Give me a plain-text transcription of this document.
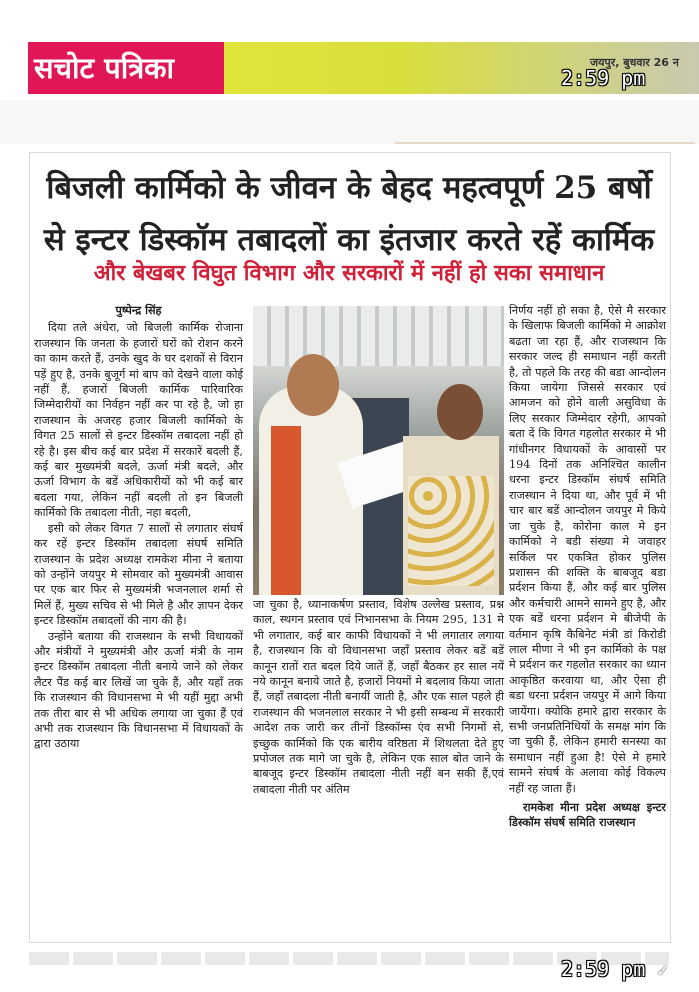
सचोट पत्रिका	जयपुर, बुधवार 26 न
2:59 pm
बिजली कार्मिको के जीवन के बेहद महत्वपूर्ण 25 बर्षो
से इन्टर डिस्कॉम तबादलों का इंतजार करते रहें कार्मिक
और बेखबर विघुत विभाग और सरकारों में नहीं हो सका समाधान

पुष्पेन्द्र सिंह

दिया तले अंधेरा, जो बिजली कार्मिक रोजाना राजस्थान कि जनता के हजारों घरों को रोशन करने का काम करते हैं, उनके खुद के घर दशकों से विरान पड़ें हुए है, उनके बुजूर्ग मां बाप को देखने वाला कोई नहीं हैं, हजारों बिजली कार्मिक पारिवारिक जिम्मेदारीयों का निर्वहन नहीं कर पा रहे है, जो हा राजस्थान के अजरह हजार बिजली कार्मिको के विगत 25 सालों से इन्टर डिस्कॉम तबादला नहीं हो रहे है। इस बीच कई बार प्रदेश में सरकारें बदली हैं, कई बार मुख्यमंत्री बदले, ऊर्जा मंत्री बदले, और ऊर्जा विभाग के बडें अधिकारीयों को भी कई बार बदला गया, लेकिन नहीं बदली तो इन बिजली कार्मिको कि तबादला नीती, नहा बदली,

इसी को लेकर विगत 7 सालों से लगातार संघर्ष कर रहें इन्टर डिस्कॉम तबादला संघर्ष समिति राजस्थान के प्रदेश अध्यक्ष रामकेश मीना ने बताया को उन्होंने जयपुर मे सोमवार को मुख्यमंत्री आवास पर एक बार फिर से मुख्यमंत्री भजनलाल शर्मा से मिलें हैं, मुख्य सचिव से भी मिले है और ज्ञापन देकर इन्टर डिस्कॉम तबादलों की नाग की है।

उन्होंने बताया की राजस्थान के सभी विधायकों और मंत्रीयों ने मुख्यमंत्री और ऊर्जा मंत्री के नाम इन्टर डिस्कॉम तबादला नीती बनाये जाने को लेकर लैटर पैंड कई बार लिखें जा चुके हैं, और यहाँ तक कि राजस्थान की विधानसभा मे भी यहीं मुद्दा अभी तक तीरा बार से भी अधिक लगाया जा चुका हैं एवं अभी तक राजस्थान कि विधानसभा में विधायकों के द्वारा उठाया

जा चुका है, ध्यानाकर्षण प्रस्ताव, विशेष उल्लेख प्रस्ताव, प्रश्न काल, स्थगन प्रस्ताव एवं निभानसभा के नियम 295, 131 मे भी लगातार, कई बार काफी विधायकों ने भी लगातार लगाया है, राजस्थान कि वो विधानसभा जहाँ प्रस्ताव लेकर बडें बडें कानून रातों रात बदल दिये जातें हैं, जहाँ बैठकर हर साल नयें नये कानून बनाये जाते है, हजारों नियमों मे बदलाव किया जाता हैं, जहाँ तबादला नीती बनायीं जाती है, और एक साल पहले ही राजस्थान की भजनलाल सरकार ने भी इसी सम्बन्ध में सरकारी आदेश तक जारी कर तीनों डिस्कॉम्स एंव सभी निगमों से, इच्छुक कार्मिको कि एक बारीय वरिष्ठता में शिथलता देते हुए प्रपोजल तक मागे जा चुके है, लेकिन एक साल बोत जाने के बाबजूद इन्टर डिस्कॉम तबादला नीती नहीं बन सकी हैं,एवं तबादला नीती पर अंतिम

निर्णय नहीं हो सका है, ऐसे मै सरकार के खिलाफ बिजली कार्मिको मे आक्रोश बढता जा रहा हैं, और राजस्थान कि सरकार जल्द ही समाधान नहीं करती है, तो पहले कि तरह की बडा आन्दोलन किया जायेगा जिससे सरकार एवं आमजन को होने वाली असुविधा के लिए सरकार जिम्मेदार रहेगी, आपको बता दें कि विगत गहलोत सरकार मे भी गांधीनगर विधायकों के आवासों पर 194 दिनों तक अनिश्चित कालीन धरना इन्टर डिस्कॉम संघर्ष समिति राजस्थान ने दिया था, और पूर्व में भी चार बार बडें आन्दोलन जयपुर मे किये जा चुके है, कोरोना काल मे इन कार्मिको ने बडी संख्या मे जवाहर सर्किल पर एकत्रित होकर पुलिस प्रशासन की शक्ति के बाबजूद बडा प्रर्दशन किया हैं, और कई बार पुलिस और कर्मचारी आमने सामने हुए है, और एक बडें धरना प्रर्दशन मे बीजेपी के वर्तमान कृषि कैबिनेट मंत्री डां किरोडी लाल मीणा ने भी इन कार्मिको के पक्ष मे प्रर्दशन कर गहलोत सरकार का ध्यान आकृष्ठित करवाया था, और ऐसा ही बडा धरना प्रर्दशन जयपुर में आगे किया जायेंगा। क्योकि हमारे द्वारा सरकार के सभी जनप्रतिनिधियों के समक्ष मांग कि जा चुकी हैं, लेकिन हमारी सनस्या का समाधान नहीं हुआ है! ऐसे मे हमारे सामने संघर्ष के अलावा कोई विकल्प नहीं रह जाता हैं।

रामकेश मीना प्रदेश अध्यक्ष इन्टर डिस्कॉम संघर्ष समिति राजस्थान

2:59 pm ✓
